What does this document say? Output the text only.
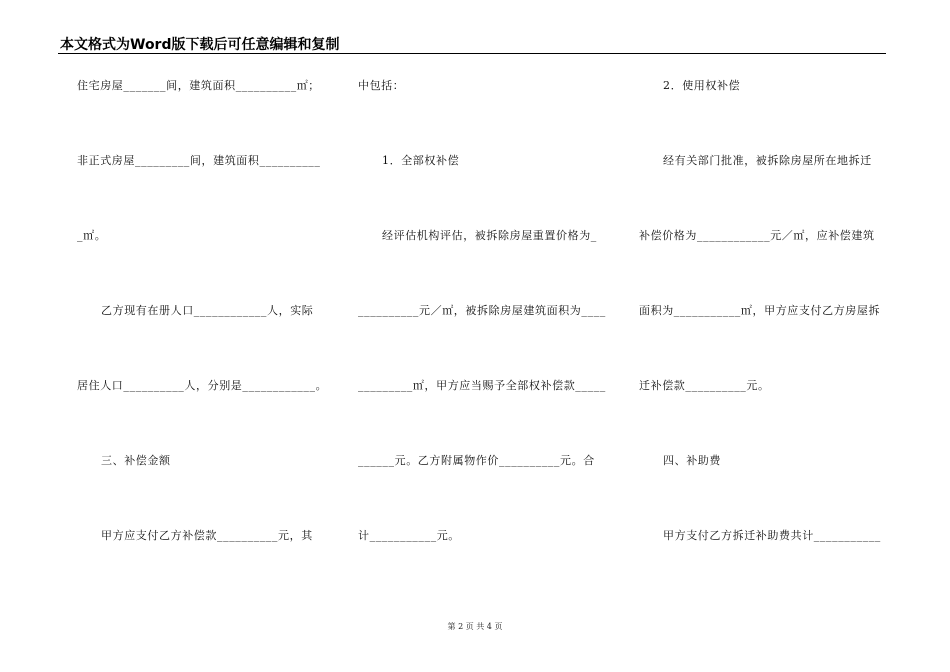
本文格式为Word版下载后可任意编辑和复制
住宅房屋_______间，建筑面积__________㎡；
非正式房屋_________间，建筑面积__________
_㎡。
乙方现有在册人口____________人，实际
居住人口__________人，分别是____________。
三、补偿金额
甲方应支付乙方补偿款__________元，其
中包括：
1．全部权补偿
经评估机构评估，被拆除房屋重置价格为_
__________元／㎡，被拆除房屋建筑面积为____
_________㎡，甲方应当赐予全部权补偿款_____
______元。乙方附属物作价__________元。合
计___________元。
2．使用权补偿
经有关部门批准，被拆除房屋所在地拆迁
补偿价格为____________元／㎡，应补偿建筑
面积为___________㎡，甲方应支付乙方房屋拆
迁补偿款__________元。
四、补助费
甲方支付乙方拆迁补助费共计___________
第 2 页 共 4 页
